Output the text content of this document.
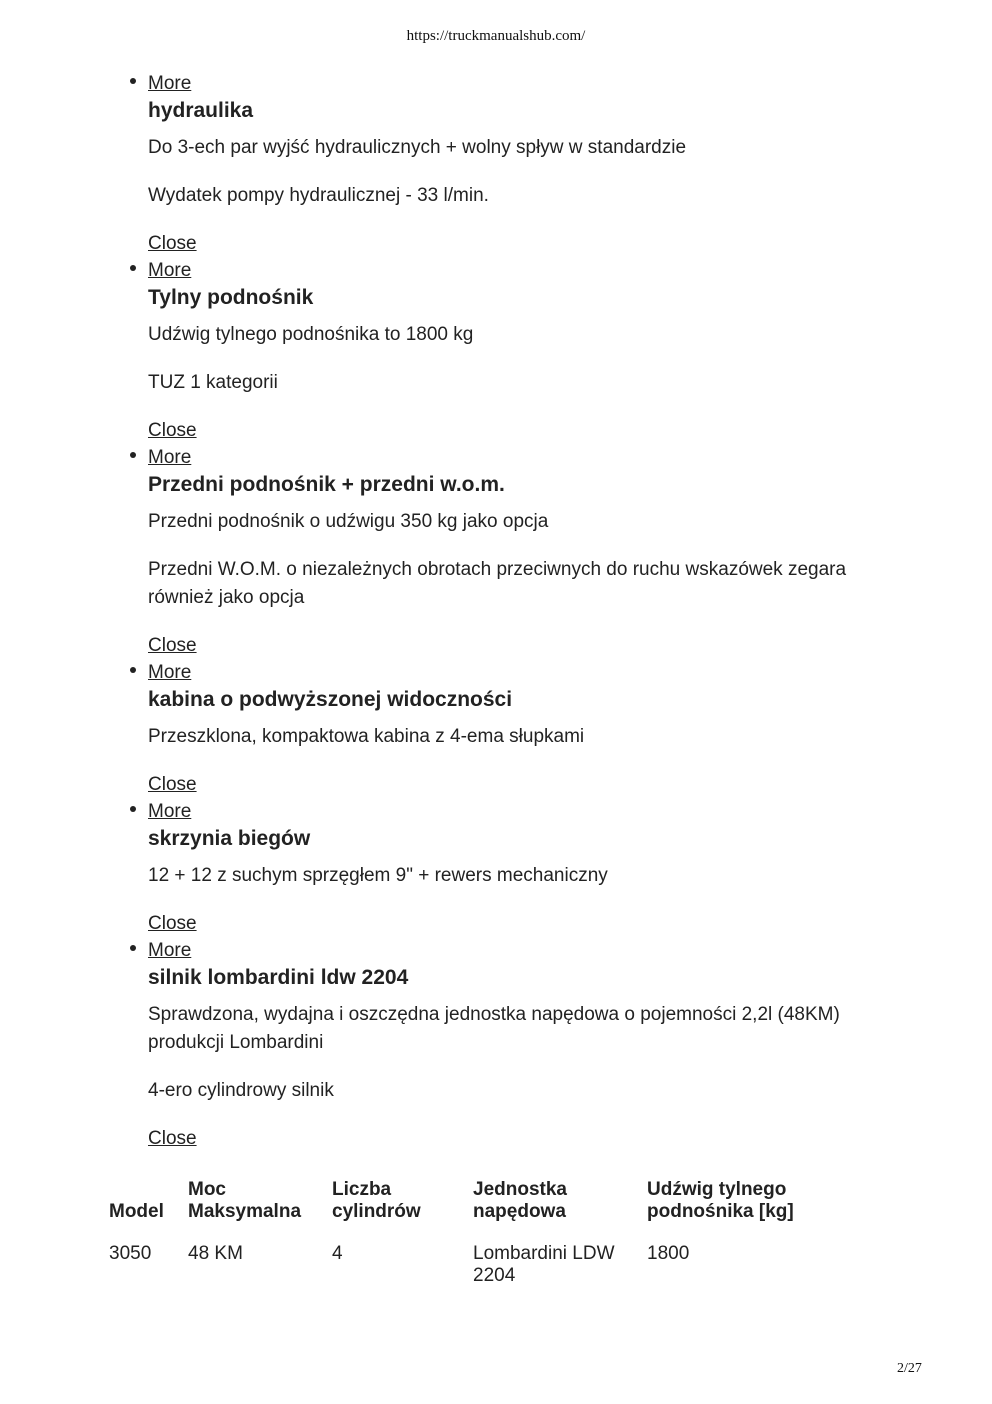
https://truckmanualshub.com/
More
hydraulika

Do 3-ech par wyjść hydraulicznych + wolny spływ w standardzie

Wydatek pompy hydraulicznej - 33 l/min.

Close
More
Tylny podnośnik

Udźwig tylnego podnośnika to 1800 kg

TUZ 1 kategorii

Close
More
Przedni podnośnik + przedni w.o.m.

Przedni podnośnik o udźwigu 350 kg jako opcja

Przedni W.O.M. o niezależnych obrotach przeciwnych do ruchu wskazówek zegara również jako opcja

Close
More
kabina o podwyższonej widoczności

Przeszklona, kompaktowa kabina z 4-ema słupkami

Close
More
skrzynia biegów

12 + 12 z suchym sprzęgłem 9" + rewers mechaniczny

Close
More
silnik lombardini ldw 2204

Sprawdzona, wydajna i oszczędna jednostka napędowa o pojemności 2,2l (48KM) produkcji Lombardini

4-ero cylindrowy silnik

Close
Model	Moc Maksymalna	Liczba cylindrów	Jednostka napędowa	Udźwig tylnego podnośnika [kg]
3050	48 KM	4	Lombardini LDW 2204	1800
2/27
